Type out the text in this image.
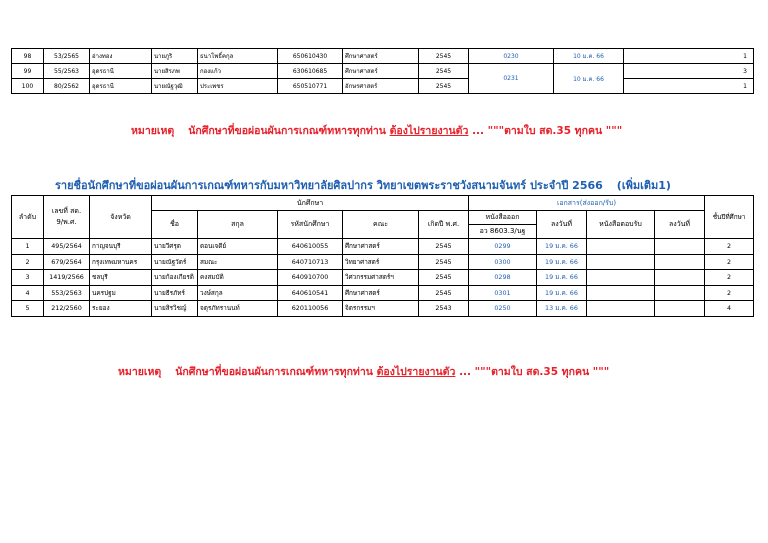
98	53/2565	อ่างทอง	นายภูริ	ธนาโพธิ์คกุล	650610430	ศึกษาศาสตร์	2545	0230	10 ม.ค. 66	1
99	55/2563	อุดรธานี	นายสิรภพ	กองแก้ว	630610685	ศึกษาศาสตร์	2545	0231	10 ม.ค. 66	3
100	80/2562	อุดรธานี	นายณัฐวุฒิ	ประเพชร	650510771	อักษรศาสตร์	2545			1
หมายเหตุ นักศึกษาที่ขอผ่อนผันการเกณฑ์ทหารทุกท่าน ต้องไปรายงานตัว ... """ตามใบ สด.35 ทุกคน """
รายชื่อนักศึกษาที่ขอผ่อนผันการเกณฑ์ทหารกับมหาวิทยาลัยศิลปากร วิทยาเขตพระราชวังสนามจันทร์ ประจำปี 2566 (เพิ่มเติม1)
ลำดับ	เลขที่ สด.
9/พ.ศ.	จังหวัด	นักศึกษา					เอกสาร(ส่งออก/รับ)				ชั้นปีที่ศึกษา
			ชื่อ	สกุล	รหัสนักศึกษา	คณะ	เกิดปี พ.ศ.	หนังสือออก	ลงวันที่	หนังสือตอบรับ	ลงวันที่	
								อว 8603.3/นฐ				
1	495/2564	กาญจนบุรี	นายวีศรุต	ตอนเจดีย์	640610055	ศึกษาศาสตร์	2545	0299	19 ม.ค. 66			2
2	679/2564	กรุงเทพมหานคร	นายณัฐวัตร์	สมณะ	640710713	วิทยาศาสตร์	2545	0300	19 ม.ค. 66			2
3	1419/2566	ชลบุรี	นายก้องเกียรติ	คงสมบัติ	640910700	วิศวกรรมศาสตร์ฯ	2545	0298	19 ม.ค. 66			2
4	553/2563	นครปฐม	นายธีรภัทร์	วงษ์สกุล	640610541	ศึกษาศาสตร์	2545	0301	19 ม.ค. 66			2
5	212/2560	ระยอง	นายสิรวิชญ์	จตุรภัทรานนท์	620110056	จิตรกรรมฯ	2543	0250	13 ม.ค. 66			4
หมายเหตุ นักศึกษาที่ขอผ่อนผันการเกณฑ์ทหารทุกท่าน ต้องไปรายงานตัว ... """ตามใบ สด.35 ทุกคน """
